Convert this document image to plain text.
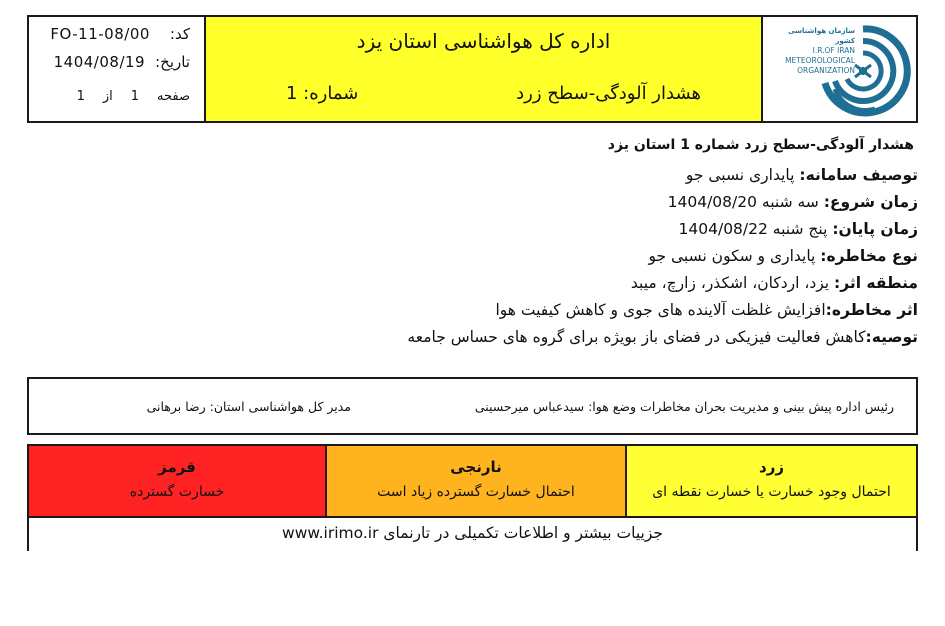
کد:
FO-11-08/00
تاریخ:
1404/08/19
صفحه
1
از
1
اداره کل هواشناسی استان یزد
هشدار آلودگی-سطح زرد
شماره: 1
سازمان هواشناسی کشور
I.R.OF IRAN
METEOROLOGICAL
ORGANIZATION
هشدار آلودگی-سطح زرد شماره 1 استان یزد
توصیف سامانه: پایداری نسبی جو
زمان شروع: سه شنبه 1404/08/20
زمان پایان: پنج شنبه 1404/08/22
نوع مخاطره: پایداری و سکون نسبی جو
منطقه اثر: یزد، اردکان، اشکذر، زارچ، میبد
اثر مخاطره:افزایش غلظت آلاینده های جوی و کاهش کیفیت هوا
توصیه:کاهش فعالیت فیزیکی در فضای باز بویژه برای گروه های حساس جامعه
رئیس اداره پیش بینی و مدیریت بحران مخاطرات وضع هوا: سیدعباس میرحسینی
مدیر کل هواشناسی استان: رضا برهانی
قرمز
خسارت گسترده
نارنجی
احتمال خسارت گسترده زیاد است
زرد
احتمال وجود خسارت یا خسارت نقطه ای
جزییات بیشتر و اطلاعات تکمیلی در تارنمای www.irimo.ir
